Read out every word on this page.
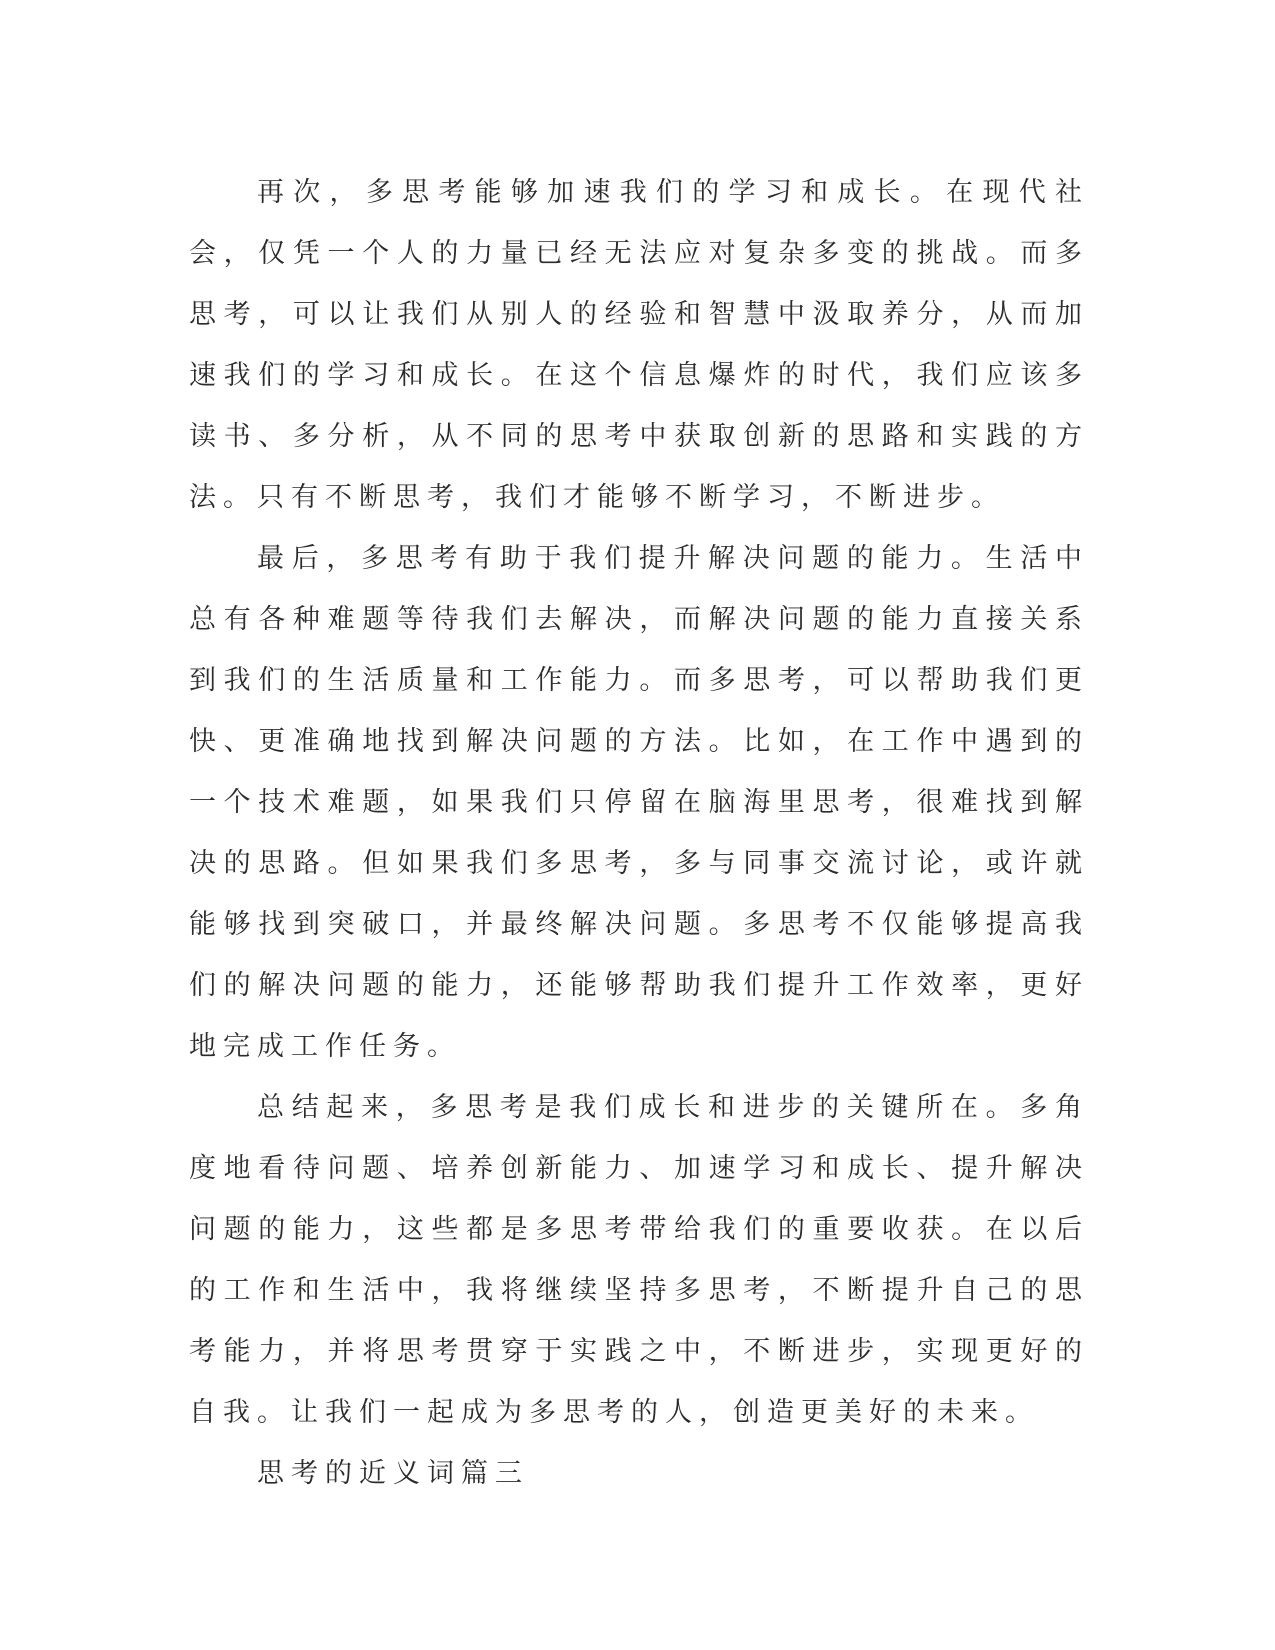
再次，多思考能够加速我们的学习和成长。在现代社会，仅凭一个人的力量已经无法应对复杂多变的挑战。而多思考，可以让我们从别人的经验和智慧中汲取养分，从而加速我们的学习和成长。在这个信息爆炸的时代，我们应该多读书、多分析，从不同的思考中获取创新的思路和实践的方法。只有不断思考，我们才能够不断学习，不断进步。

最后，多思考有助于我们提升解决问题的能力。生活中总有各种难题等待我们去解决，而解决问题的能力直接关系到我们的生活质量和工作能力。而多思考，可以帮助我们更快、更准确地找到解决问题的方法。比如，在工作中遇到的一个技术难题，如果我们只停留在脑海里思考，很难找到解决的思路。但如果我们多思考，多与同事交流讨论，或许就能够找到突破口，并最终解决问题。多思考不仅能够提高我们的解决问题的能力，还能够帮助我们提升工作效率，更好地完成工作任务。

总结起来，多思考是我们成长和进步的关键所在。多角度地看待问题、培养创新能力、加速学习和成长、提升解决问题的能力，这些都是多思考带给我们的重要收获。在以后的工作和生活中，我将继续坚持多思考，不断提升自己的思考能力，并将思考贯穿于实践之中，不断进步，实现更好的自我。让我们一起成为多思考的人，创造更美好的未来。

思考的近义词篇三
